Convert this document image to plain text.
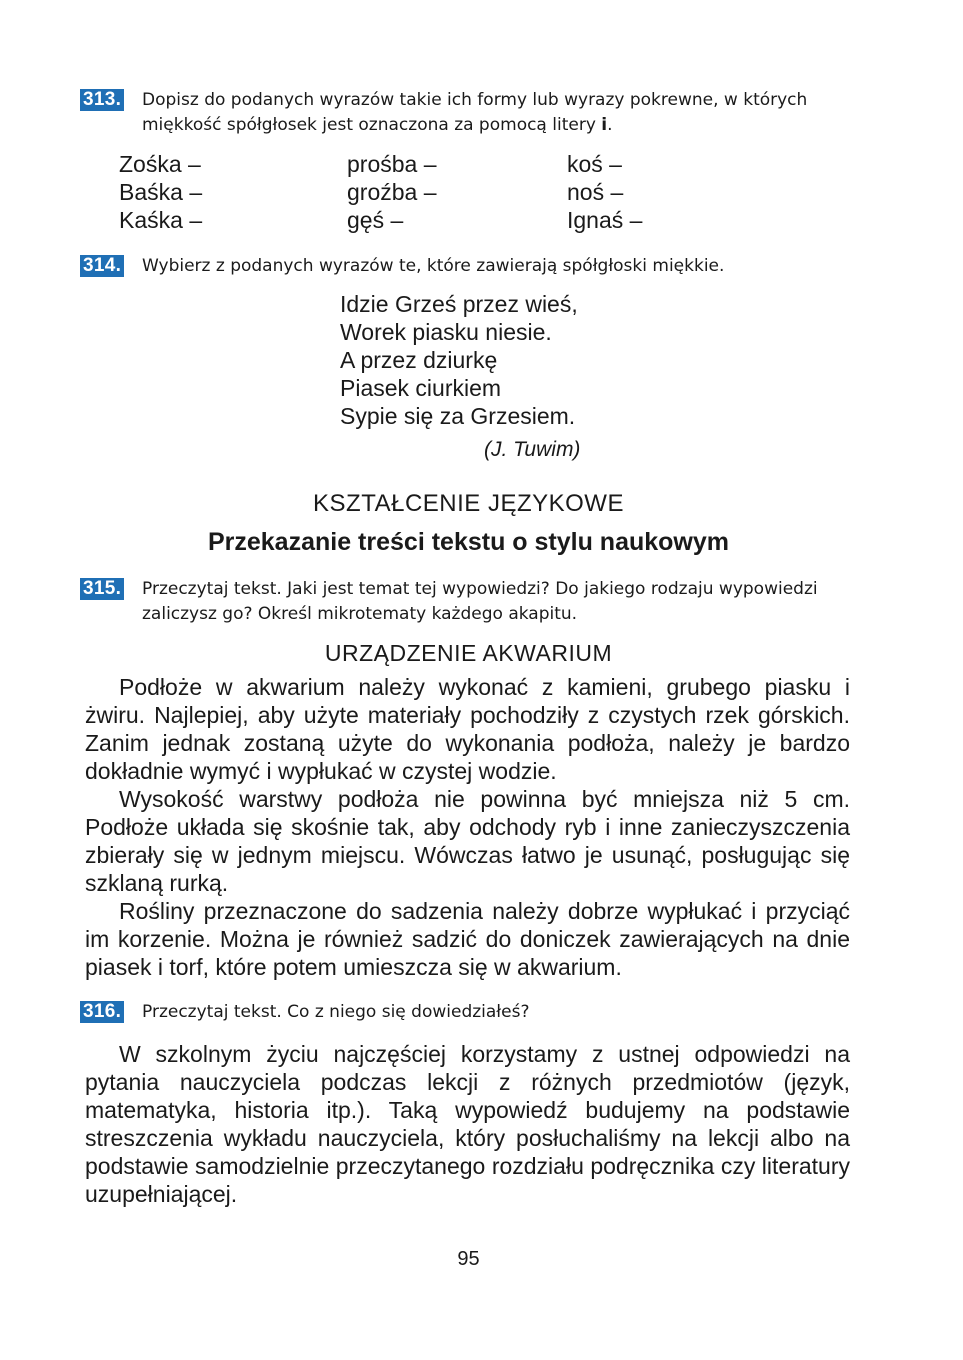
313. Dopisz do podanych wyrazów takie ich formy lub wyrazy pokrewne, w których miękkość spółgłosek jest oznaczona za pomocą litery i.
Zośka –
Baśka –
Kaśka –
prośba –
groźba –
gęś –
koś –
noś –
Ignaś –
314. Wybierz z podanych wyrazów te, które zawierają spółgłoski miękkie.
Idzie Grześ przez wieś,
Worek piasku niesie.
A przez dziurkę
Piasek ciurkiem
Sypie się za Grzesiem.
(J. Tuwim)
KSZTAŁCENIE JĘZYKOWE
Przekazanie treści tekstu o stylu naukowym
315. Przeczytaj tekst. Jaki jest temat tej wypowiedzi? Do jakiego rodzaju wypowiedzi zaliczysz go? Określ mikrotematy każdego akapitu.
URZĄDZENIE AKWARIUM

Podłoże w akwarium należy wykonać z kamieni, grubego piasku i żwiru. Najlepiej, aby użyte materiały pochodziły z czystych rzek górskich. Zanim jednak zostaną użyte do wykonania podłoża, należy je bardzo dokładnie wymyć i wypłukać w czystej wodzie.

Wysokość warstwy podłoża nie powinna być mniejsza niż 5 cm. Podłoże układa się skośnie tak, aby odchody ryb i inne zanieczyszczenia zbierały się w jednym miejscu. Wówczas łatwo je usunąć, posługując się szklaną rurką.

Rośliny przeznaczone do sadzenia należy dobrze wypłukać i przyciąć im korzenie. Można je również sadzić do doniczek zawierających na dnie piasek i torf, które potem umieszcza się w akwarium.

316. Przeczytaj tekst. Co z niego się dowiedziałeś?

W szkolnym życiu najczęściej korzystamy z ustnej odpowiedzi na pytania nauczyciela podczas lekcji z różnych przedmiotów (język, matematyka, historia itp.). Taką wypowiedź budujemy na podstawie streszczenia wykładu nauczyciela, który posłuchaliśmy na lekcji albo na podstawie samodzielnie przeczytanego rozdziału podręcznika czy literatury uzupełniającej.

95
